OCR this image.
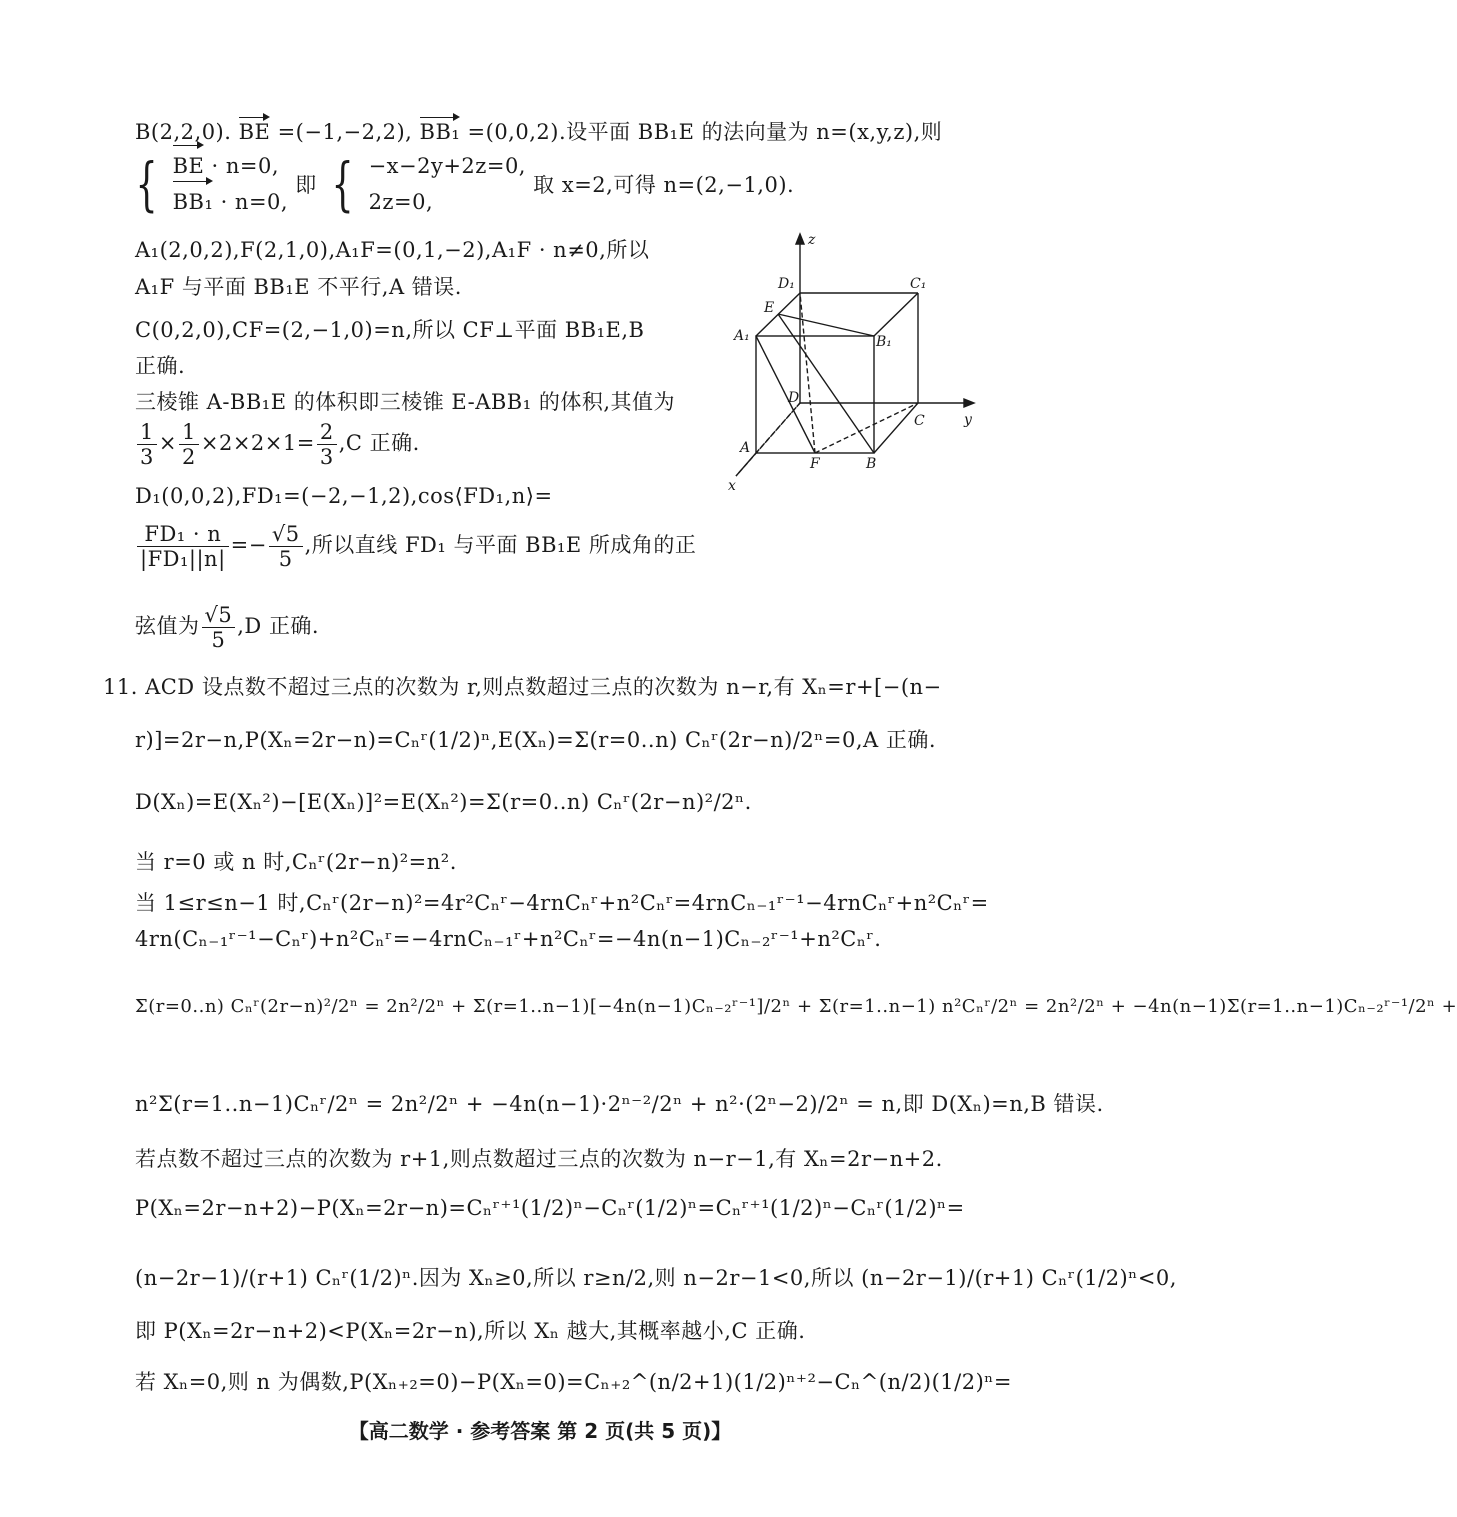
B(2,2,0). BE =(−1,−2,2), BB₁ =(0,0,2).设平面 BB₁E 的法向量为 n=(x,y,z),则
{ BE · n=0,
BB₁ · n=0,
即 { −x−2y+2z=0,
2z=0,
取 x=2,可得 n=(2,−1,0).
A₁(2,0,2),F(2,1,0),A₁F=(0,1,−2),A₁F · n≠0,所以
A₁F 与平面 BB₁E 不平行,A 错误.
C(0,2,0),CF=(2,−1,0)=n,所以 CF⊥平面 BB₁E,B
正确.
三棱锥 A-BB₁E 的体积即三棱锥 E-ABB₁ 的体积,其值为
$\frac{1}{3} \times \frac{1}{2} \times 2\times 2\times 1= \frac{2}{3} ,C$ 正确.
D₁(0,0,2),FD₁=(−2,−1,2),cos⟨FD₁,n⟩=
$\frac{\text{FD₁ · n}}{\text{|FD₁||n|}} =- \frac{√5}{5}$ ,所以直线 FD₁ 与平面 BB₁E 所成角的正
弦值为 $\frac{√5}{5} ,D$ 正确.
11. ACD 设点数不超过三点的次数为 r,则点数超过三点的次数为 n−r,有 Xₙ=r+[−(n−
r)]=2r−n,P(Xₙ=2r−n)=Cₙʳ(1/2)ⁿ,E(Xₙ)=Σ(r=0..n) Cₙʳ(2r−n)/2ⁿ=0,A 正确.
D(Xₙ)=E(Xₙ²)−[E(Xₙ)]²=E(Xₙ²)=Σ(r=0..n) Cₙʳ(2r−n)²/2ⁿ.
当 r=0 或 n 时,Cₙʳ(2r−n)²=n².
当 1≤r≤n−1 时,Cₙʳ(2r−n)²=4r²Cₙʳ−4rnCₙʳ+n²Cₙʳ=4rnCₙ₋₁ʳ⁻¹−4rnCₙʳ+n²Cₙʳ=
4rn(Cₙ₋₁ʳ⁻¹−Cₙʳ)+n²Cₙʳ=−4rnCₙ₋₁ʳ+n²Cₙʳ=−4n(n−1)Cₙ₋₂ʳ⁻¹+n²Cₙʳ.
Σ(r=0..n) Cₙʳ(2r−n)²/2ⁿ = 2n²/2ⁿ + Σ(r=1..n−1)[−4n(n−1)Cₙ₋₂ʳ⁻¹]/2ⁿ + Σ(r=1..n−1) n²Cₙʳ/2ⁿ = 2n²/2ⁿ + −4n(n−1)Σ(r=1..n−1)Cₙ₋₂ʳ⁻¹/2ⁿ +
n²Σ(r=1..n−1)Cₙʳ/2ⁿ = 2n²/2ⁿ + −4n(n−1)·2ⁿ⁻²/2ⁿ + n²·(2ⁿ−2)/2ⁿ = n,即 D(Xₙ)=n,B 错误.
若点数不超过三点的次数为 r+1,则点数超过三点的次数为 n−r−1,有 Xₙ=2r−n+2.
P(Xₙ=2r−n+2)−P(Xₙ=2r−n)=Cₙʳ⁺¹(1/2)ⁿ−Cₙʳ(1/2)ⁿ=Cₙʳ⁺¹(1/2)ⁿ−Cₙʳ(1/2)ⁿ=
(n−2r−1)/(r+1) Cₙʳ(1/2)ⁿ.因为 Xₙ≥0,所以 r≥n/2,则 n−2r−1<0,所以 (n−2r−1)/(r+1) Cₙʳ(1/2)ⁿ<0,
即 P(Xₙ=2r−n+2)<P(Xₙ=2r−n),所以 Xₙ 越大,其概率越小,C 正确.
若 Xₙ=0,则 n 为偶数,P(Xₙ₊₂=0)−P(Xₙ=0)=Cₙ₊₂^(n/2+1)(1/2)ⁿ⁺²−Cₙ^(n/2)(1/2)ⁿ=
z
y
x
D₁	C₁
E
A₁	B₁
D
C
A
F	B
【高二数学 · 参考答案 第 2 页(共 5 页)】
